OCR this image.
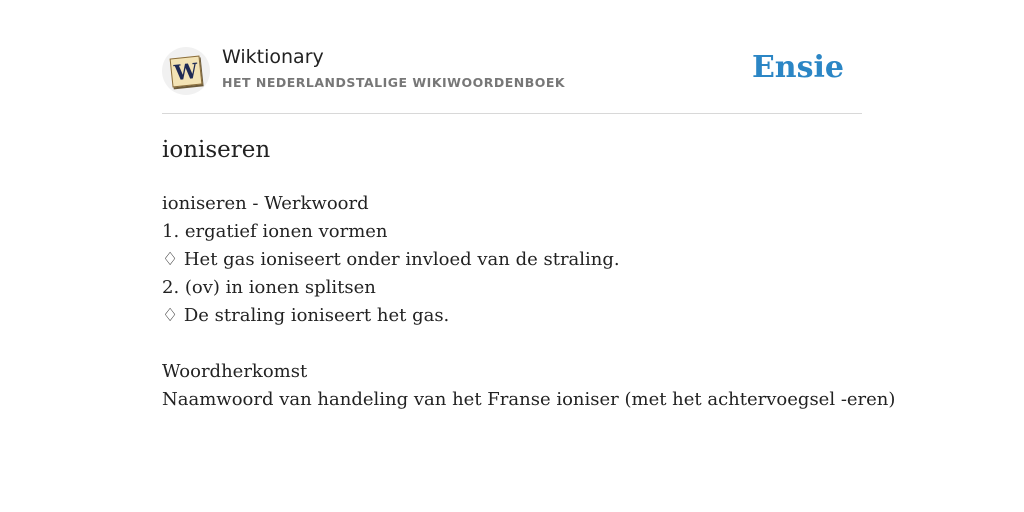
W
Wiktionary
HET NEDERLANDSTALIGE WIKIWOORDENBOEK	Ensie
ioniseren
ioniseren - Werkwoord
1. ergatief ionen vormen
♢ Het gas ioniseert onder invloed van de straling.
2. (ov) in ionen splitsen
♢ De straling ioniseert het gas.
Woordherkomst
Naamwoord van handeling van het Franse ioniser (met het achtervoegsel -eren)
